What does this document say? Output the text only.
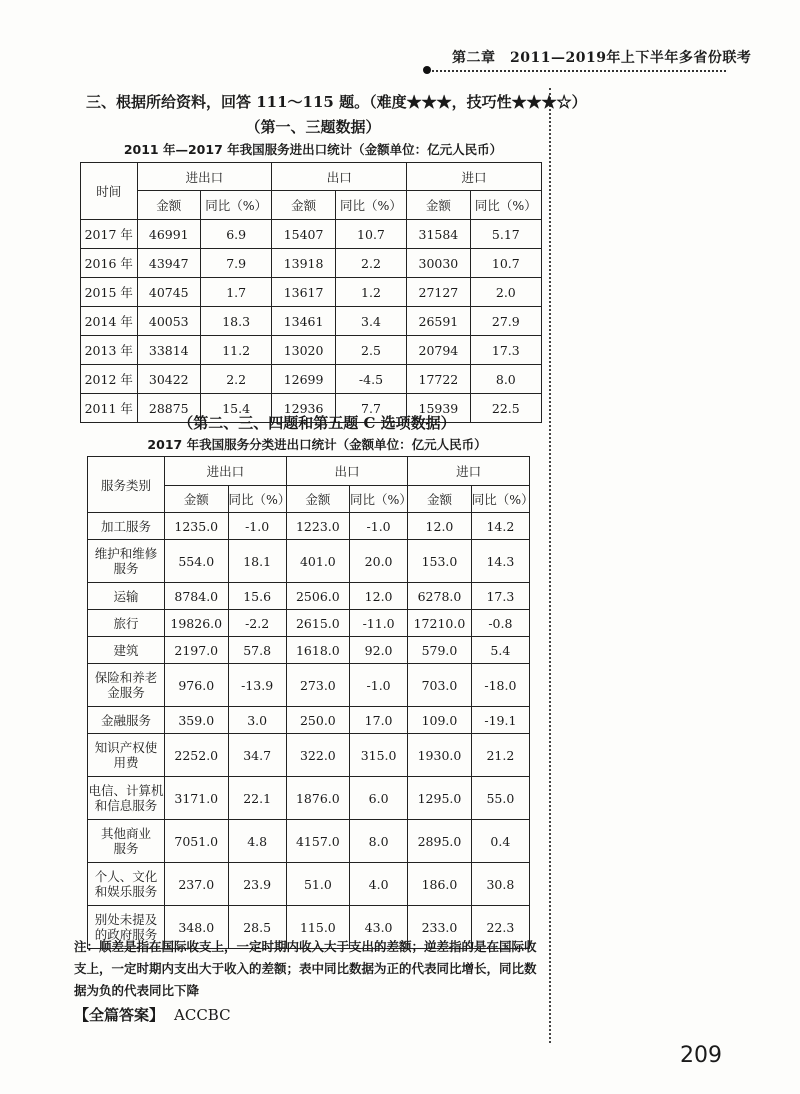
第二章　2011—2019年上下半年多省份联考
三、根据所给资料，回答 111～115 题。（难度★★★，技巧性★★★☆）
（第一、三题数据）
2011 年—2017 年我国服务进出口统计（金额单位：亿元人民币）
时间	进出口		出口		进口	
	金额	同比（%）	金额	同比（%）	金额	同比（%）
2017 年	46991	6.9	15407	10.7	31584	5.17
2016 年	43947	7.9	13918	2.2	30030	10.7
2015 年	40745	1.7	13617	1.2	27127	2.0
2014 年	40053	18.3	13461	3.4	26591	27.9
2013 年	33814	11.2	13020	2.5	20794	17.3
2012 年	30422	2.2	12699	-4.5	17722	8.0
2011 年	28875	15.4	12936	7.7	15939	22.5
（第二、三、四题和第五题 C 选项数据）
2017 年我国服务分类进出口统计（金额单位：亿元人民币）
服务类别	进出口		出口		进口	
	金额	同比（%）	金额	同比（%）	金额	同比（%）

加工服务	1235.0	-1.0	1223.0	-1.0	12.0	14.2

维护和维修
服务	554.0	18.1	401.0	20.0	153.0	14.3

运输	8784.0	15.6	2506.0	12.0	6278.0	17.3

旅行	19826.0	-2.2	2615.0	-11.0	17210.0	-0.8

建筑	2197.0	57.8	1618.0	92.0	579.0	5.4

保险和养老
金服务	976.0	-13.9	273.0	-1.0	703.0	-18.0

金融服务	359.0	3.0	250.0	17.0	109.0	-19.1

知识产权使
用费	2252.0	34.7	322.0	315.0	1930.0	21.2

电信、计算机
和信息服务	3171.0	22.1	1876.0	6.0	1295.0	55.0

其他商业
服务	7051.0	4.8	4157.0	8.0	2895.0	0.4

个人、文化
和娱乐服务	237.0	23.9	51.0	4.0	186.0	30.8

别处未提及
的政府服务	348.0	28.5	115.0	43.0	233.0	22.3
注：顺差是指在国际收支上，一定时期内收入大于支出的差额；逆差指的是在国际收支上，一定时期内支出大于收入的差额；表中同比数据为正的代表同比增长，同比数据为负的代表同比下降
【全篇答案】 ACCBC
209
